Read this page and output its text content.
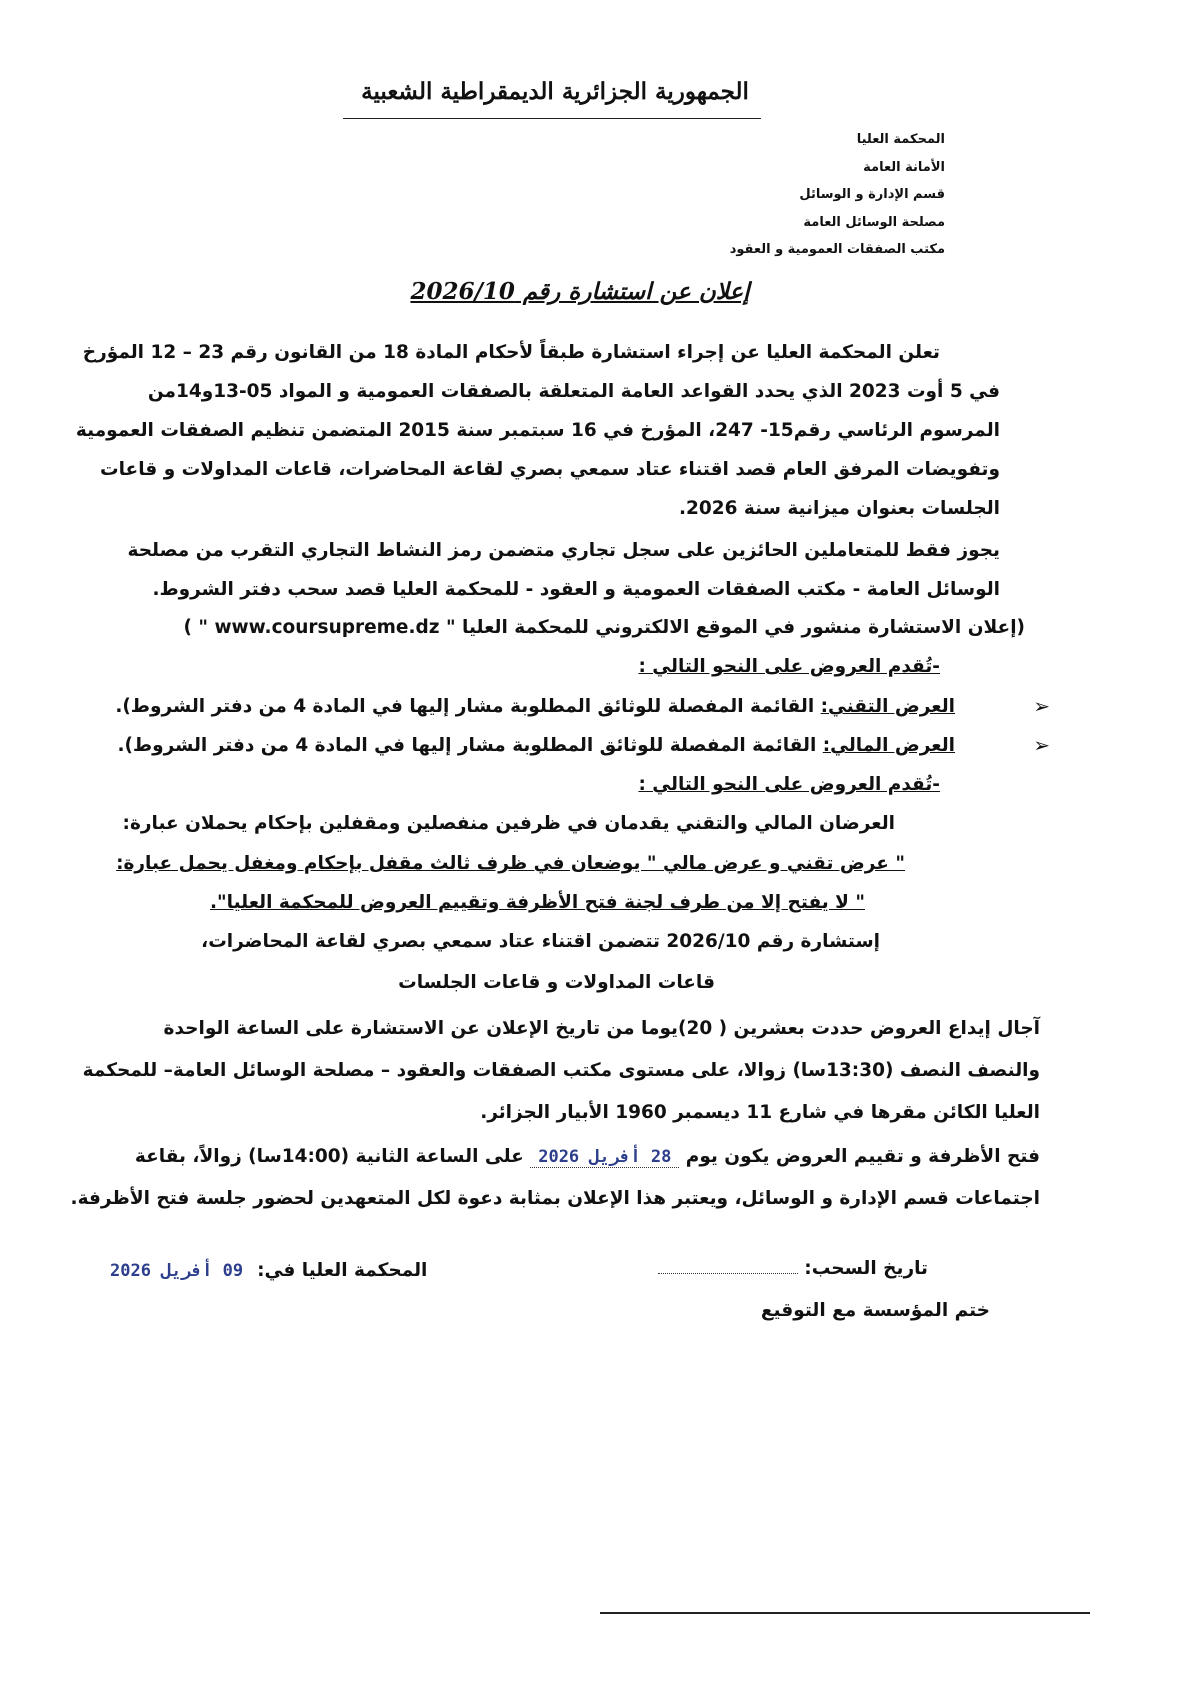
الجمهورية الجزائرية الديمقراطية الشعبية
المحكمة العليا
الأمانة العامة
قسم الإدارة و الوسائل
مصلحة الوسائل العامة
مكتب الصفقات العمومية و العقود
إعلان عن استشارة رقم 2026/10
تعلن المحكمة العليا عن إجراء استشارة طبقاً لأحكام المادة 18 من القانون رقم 23 – 12 المؤرخ
في 5 أوت 2023 الذي يحدد القواعد العامة المتعلقة بالصفقات العمومية و المواد 05-13و14من
المرسوم الرئاسي رقم15- 247، المؤرخ في 16 سبتمبر سنة 2015 المتضمن تنظيم الصفقات العمومية
وتفويضات المرفق العام قصد اقتناء عتاد سمعي بصري لقاعة المحاضرات، قاعات المداولات و قاعات
الجلسات بعنوان ميزانية سنة 2026.
يجوز فقط للمتعاملين الحائزين على سجل تجاري متضمن رمز النشاط التجاري التقرب من مصلحة
الوسائل العامة - مكتب الصفقات العمومية و العقود - للمحكمة العليا قصد سحب دفتر الشروط.
(إعلان الاستشارة منشور في الموقع الالكتروني للمحكمة العليا " www.coursupreme.dz " )
-تُقدم العروض على النحو التالي :
➢
العرض التقني: القائمة المفصلة للوثائق المطلوبة مشار إليها في المادة 4 من دفتر الشروط).
➢
العرض المالي: القائمة المفصلة للوثائق المطلوبة مشار إليها في المادة 4 من دفتر الشروط).
-تُقدم العروض على النحو التالي :
العرضان المالي والتقني يقدمان في ظرفين منفصلين ومقفلين بإحكام يحملان عبارة:
" عرض تقني و عرض مالي " يوضعان في ظرف ثالث مقفل بإحكام ومغفل يحمل عبارة:
" لا يفتح إلا من طرف لجنة فتح الأظرفة وتقييم العروض للمحكمة العليا".
إستشارة رقم 2026/10 تتضمن اقتناء عتاد سمعي بصري لقاعة المحاضرات،
قاعات المداولات و قاعات الجلسات
آجال إيداع العروض حددت بعشرين ( 20)يوما من تاريخ الإعلان عن الاستشارة على الساعة الواحدة
والنصف النصف (13:30سا) زوالا، على مستوى مكتب الصفقات والعقود – مصلحة الوسائل العامة– للمحكمة
العليا الكائن مقرها في شارع 11 ديسمبر 1960 الأبيار الجزائر.
فتح الأظرفة و تقييم العروض يكون يوم 28 أفريل 2026 على الساعة الثانية (14:00سا) زوالاً، بقاعة
اجتماعات قسم الإدارة و الوسائل، ويعتبر هذا الإعلان بمثابة دعوة لكل المتعهدين لحضور جلسة فتح الأظرفة.
تاريخ السحب:
ختم المؤسسة مع التوقيع
المحكمة العليا في:
09 أفريل 2026
